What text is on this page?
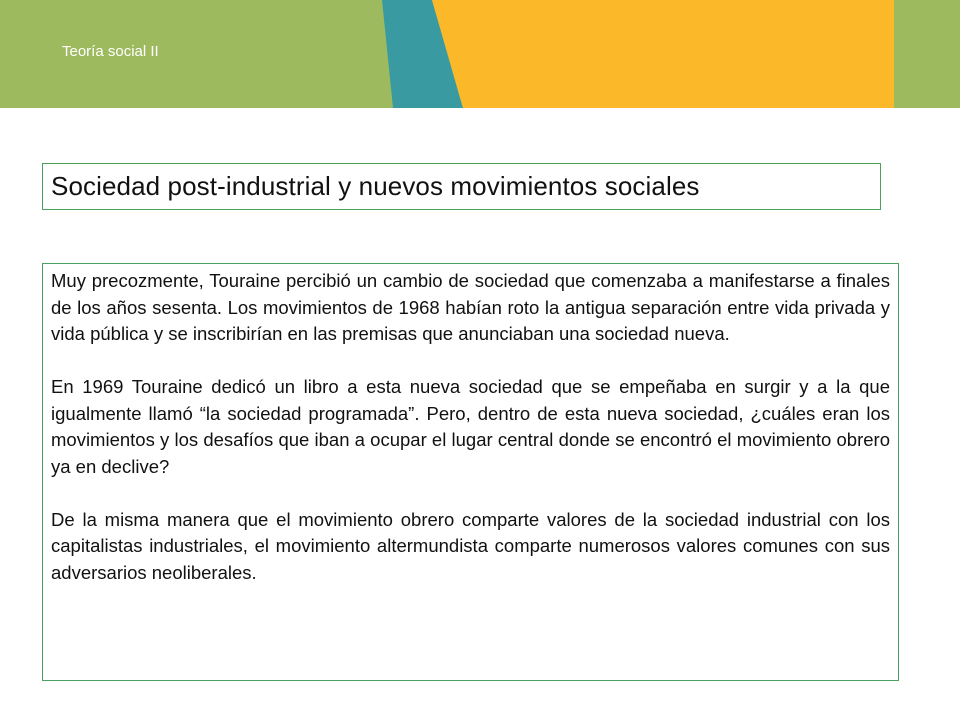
Teoría social II
Sociedad post-industrial y nuevos movimientos sociales

Muy precozmente, Touraine percibió un cambio de sociedad que comenzaba a manifestarse a finales de los años sesenta. Los movimientos de 1968 habían roto la antigua separación entre vida privada y vida pública y se inscribirían en las premisas que anunciaban una sociedad nueva.

En 1969 Touraine dedicó un libro a esta nueva sociedad que se empeñaba en surgir y a la que igualmente llamó “la sociedad programada”. Pero, dentro de esta nueva sociedad, ¿cuáles eran los movimientos y los desafíos que iban a ocupar el lugar central donde se encontró el movimiento obrero ya en declive?

De la misma manera que el movimiento obrero comparte valores de la sociedad industrial con los capitalistas industriales, el movimiento altermundista comparte numerosos valores comunes con sus adversarios neoliberales.
